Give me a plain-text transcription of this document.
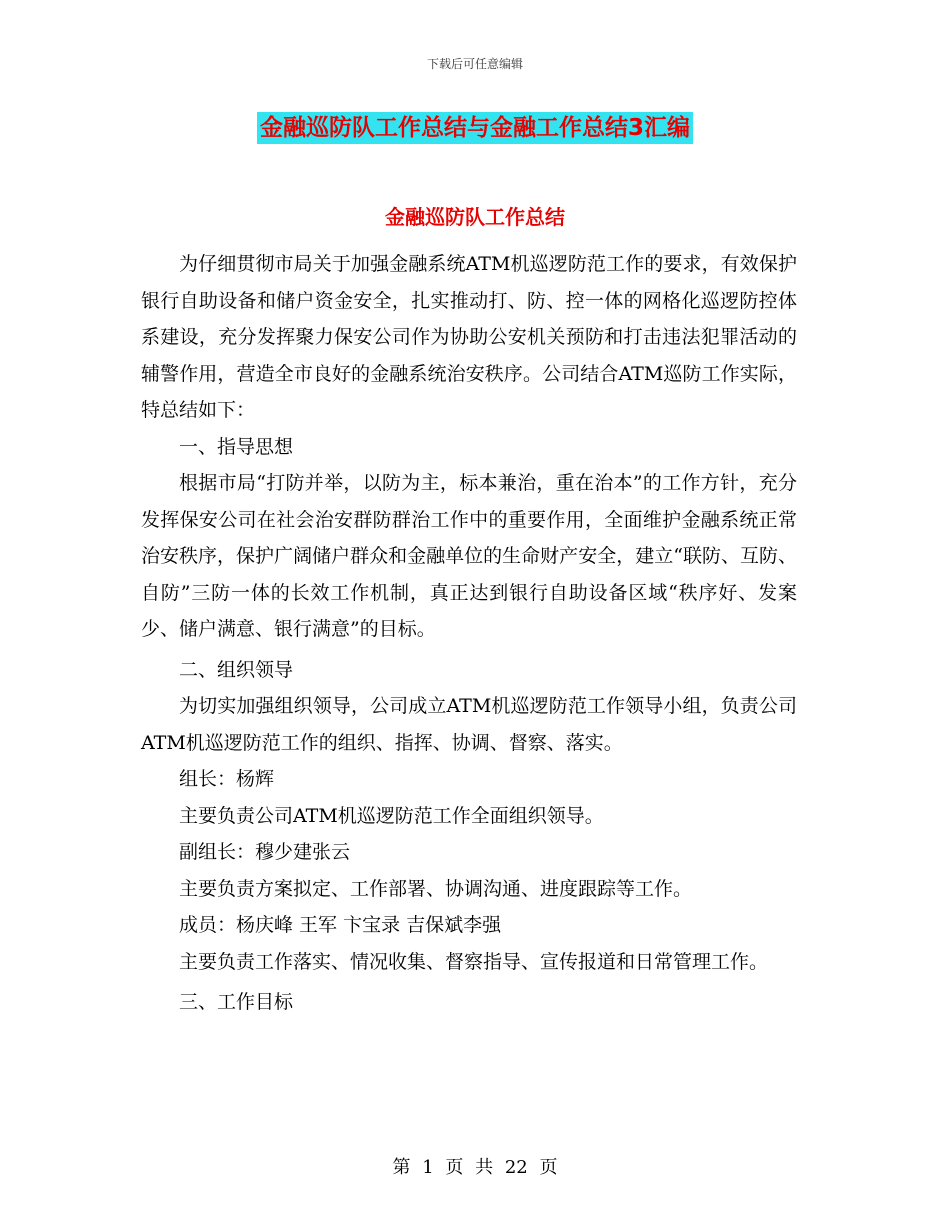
下载后可任意编辑
金融巡防队工作总结与金融工作总结3汇编
金融巡防队工作总结

为仔细贯彻市局关于加强金融系统ATM机巡逻防范工作的要求，有效保护银行自助设备和储户资金安全，扎实推动打、防、控一体的网格化巡逻防控体系建设，充分发挥聚力保安公司作为协助公安机关预防和打击违法犯罪活动的辅警作用，营造全市良好的金融系统治安秩序。公司结合ATM巡防工作实际，特总结如下：

一、指导思想

根据市局“打防并举，以防为主，标本兼治，重在治本”的工作方针，充分发挥保安公司在社会治安群防群治工作中的重要作用，全面维护金融系统正常治安秩序，保护广阔储户群众和金融单位的生命财产安全，建立“联防、互防、自防”三防一体的长效工作机制，真正达到银行自助设备区域“秩序好、发案少、储户满意、银行满意”的目标。

二、组织领导

为切实加强组织领导，公司成立ATM机巡逻防范工作领导小组，负责公司ATM机巡逻防范工作的组织、指挥、协调、督察、落实。

组长：杨辉

主要负责公司ATM机巡逻防范工作全面组织领导。

副组长：穆少建张云

主要负责方案拟定、工作部署、协调沟通、进度跟踪等工作。

成员：杨庆峰 王军 卞宝录 吉保斌李强

主要负责工作落实、情况收集、督察指导、宣传报道和日常管理工作。

三、工作目标

第 1 页 共 22 页
